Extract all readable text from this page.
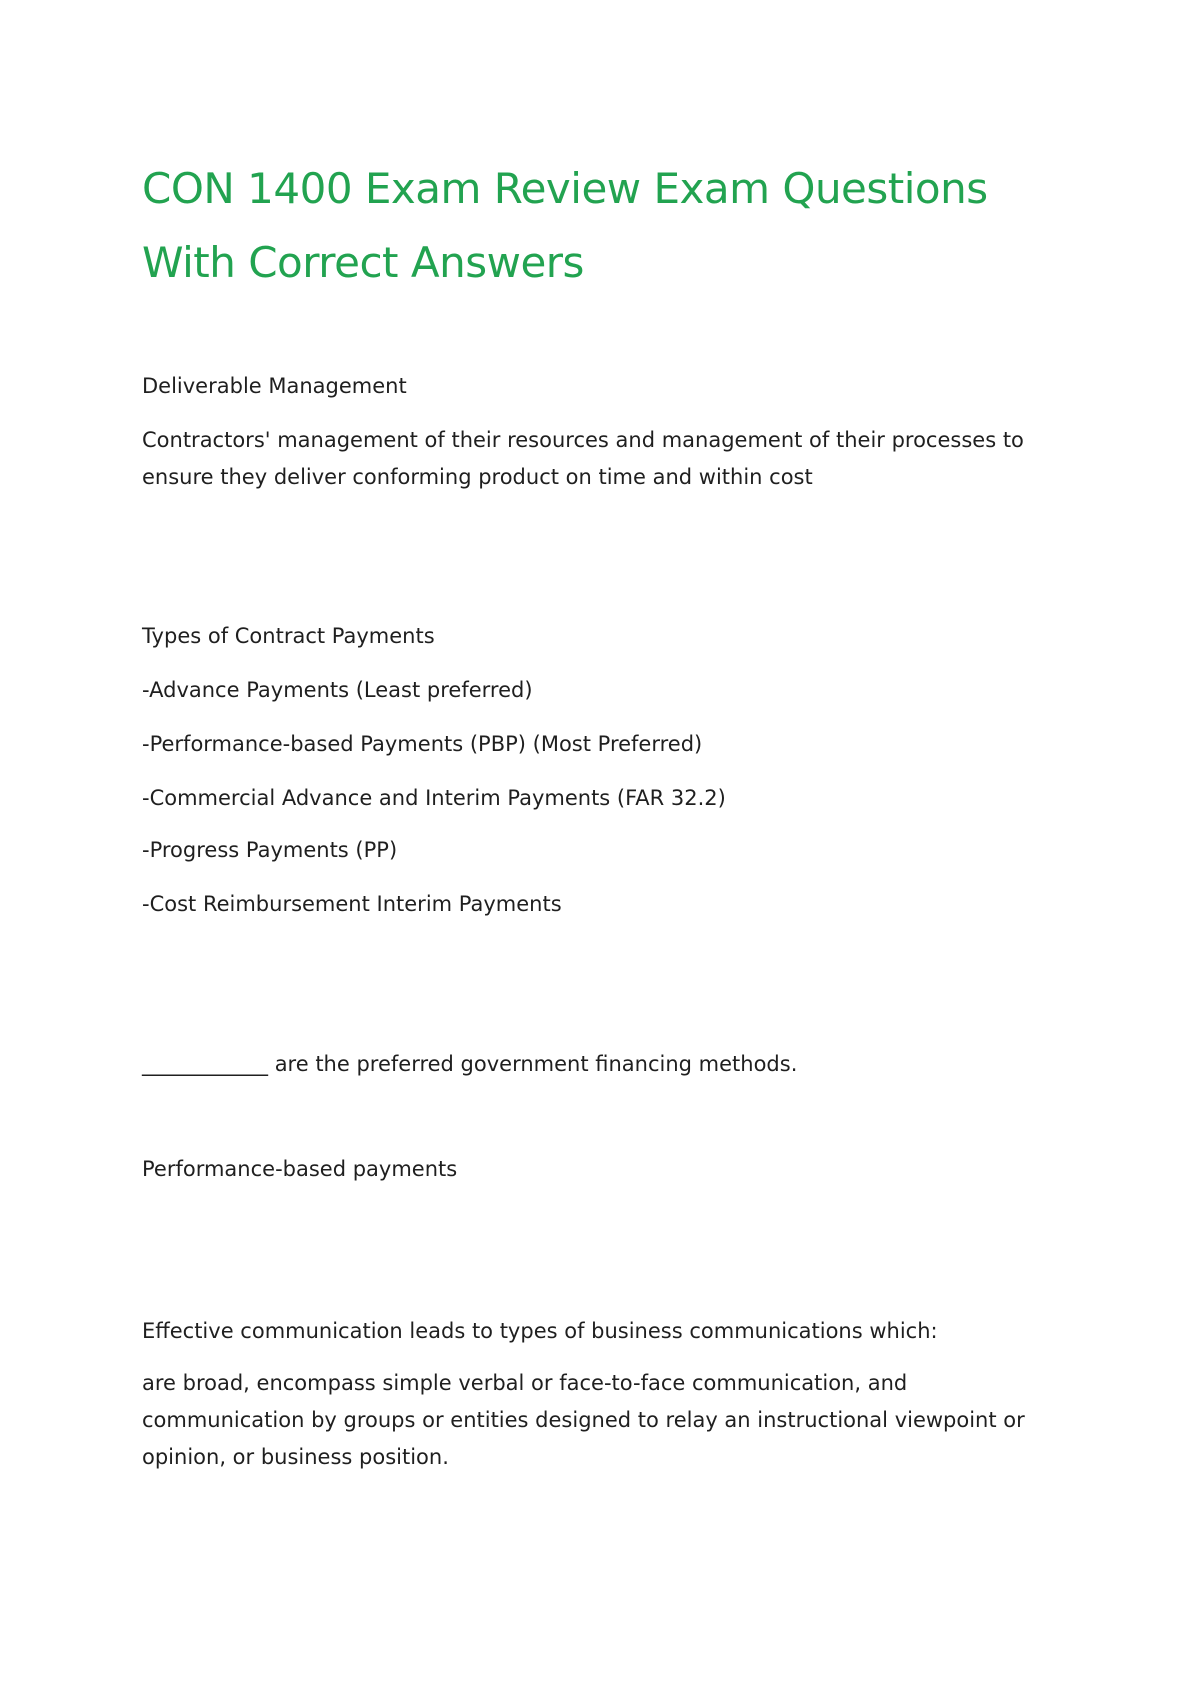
CON 1400 Exam Review Exam Questions With Correct Answers

Deliverable Management

Contractors' management of their resources and management of their processes to ensure they deliver conforming product on time and within cost

Types of Contract Payments

-Advance Payments (Least preferred)

-Performance-based Payments (PBP) (Most Preferred)

-Commercial Advance and Interim Payments (FAR 32.2)

-Progress Payments (PP)

-Cost Reimbursement Interim Payments

____________ are the preferred government financing methods.

Performance-based payments

Effective communication leads to types of business communications which:

are broad, encompass simple verbal or face-to-face communication, and communication by groups or entities designed to relay an instructional viewpoint or opinion, or business position.
